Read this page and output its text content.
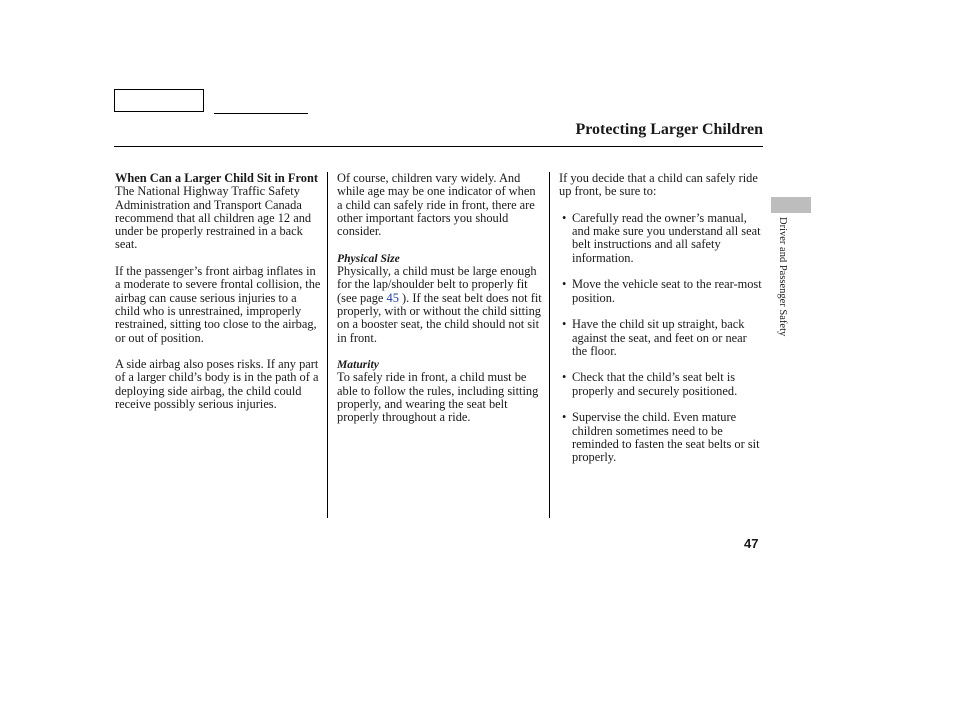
Protecting Larger Children
When Can a Larger Child Sit in Front

The National Highway Traffic Safety Administration and Transport Canada recommend that all children age 12 and under be properly restrained in a back seat.

If the passenger’s front airbag inflates in a moderate to severe frontal collision, the airbag can cause serious injuries to a child who is unrestrained, improperly restrained, sitting too close to the airbag, or out of position.

A side airbag also poses risks. If any part of a larger child’s body is in the path of a deploying side airbag, the child could receive possibly serious injuries.

Of course, children vary widely. And while age may be one indicator of when a child can safely ride in front, there are other important factors you should consider.

Physical Size

Physically, a child must be large enough for the lap/shoulder belt to properly fit (see page 45 ). If the seat belt does not fit properly, with or without the child sitting on a booster seat, the child should not sit in front.

Maturity

To safely ride in front, a child must be able to follow the rules, including sitting properly, and wearing the seat belt properly throughout a ride.

If you decide that a child can safely ride up front, be sure to:

• Carefully read the owner’s manual, and make sure you understand all seat belt instructions and all safety information.
• Move the vehicle seat to the rear-most position.
• Have the child sit up straight, back against the seat, and feet on or near the floor.
• Check that the child’s seat belt is properly and securely positioned.
• Supervise the child. Even mature children sometimes need to be reminded to fasten the seat belts or sit properly.
Driver and Passenger Safety
47
